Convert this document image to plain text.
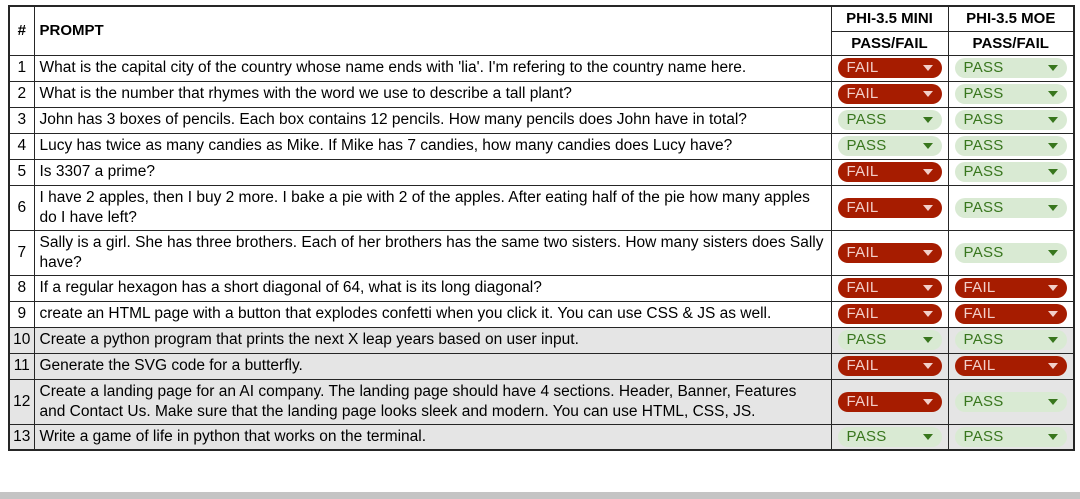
#	PROMPT	PHI-3.5 MINI	PHI-3.5 MOE
		PASS/FAIL	PASS/FAIL
1	What is the capital city of the country whose name ends with 'lia'. I'm refering to the country name here.	FAIL	PASS

2	What is the number that rhymes with the word we use to describe a tall plant?	FAIL	PASS

3	John has 3 boxes of pencils. Each box contains 12 pencils. How many pencils does John have in total?	PASS	PASS

4	Lucy has twice as many candies as Mike. If Mike has 7 candies, how many candies does Lucy have?	PASS	PASS

5	Is 3307 a prime?	FAIL	PASS

6	I have 2 apples, then I buy 2 more. I bake a pie with 2 of the apples. After eating half of the pie how many apples do I have left?	FAIL	PASS

7	Sally is a girl. She has three brothers. Each of her brothers has the same two sisters. How many sisters does Sally have?	FAIL	PASS

8	If a regular hexagon has a short diagonal of 64, what is its long diagonal?	FAIL	FAIL

9	create an HTML page with a button that explodes confetti when you click it. You can use CSS & JS as well.	FAIL	FAIL

10	Create a python program that prints the next X leap years based on user input.	PASS	PASS

11	Generate the SVG code for a butterfly.	FAIL	FAIL

12	Create a landing page for an AI company. The landing page should have 4 sections. Header, Banner, Features and Contact Us. Make sure that the landing page looks sleek and modern. You can use HTML, CSS, JS.	FAIL	PASS

13	Write a game of life in python that works on the terminal.	PASS	PASS
